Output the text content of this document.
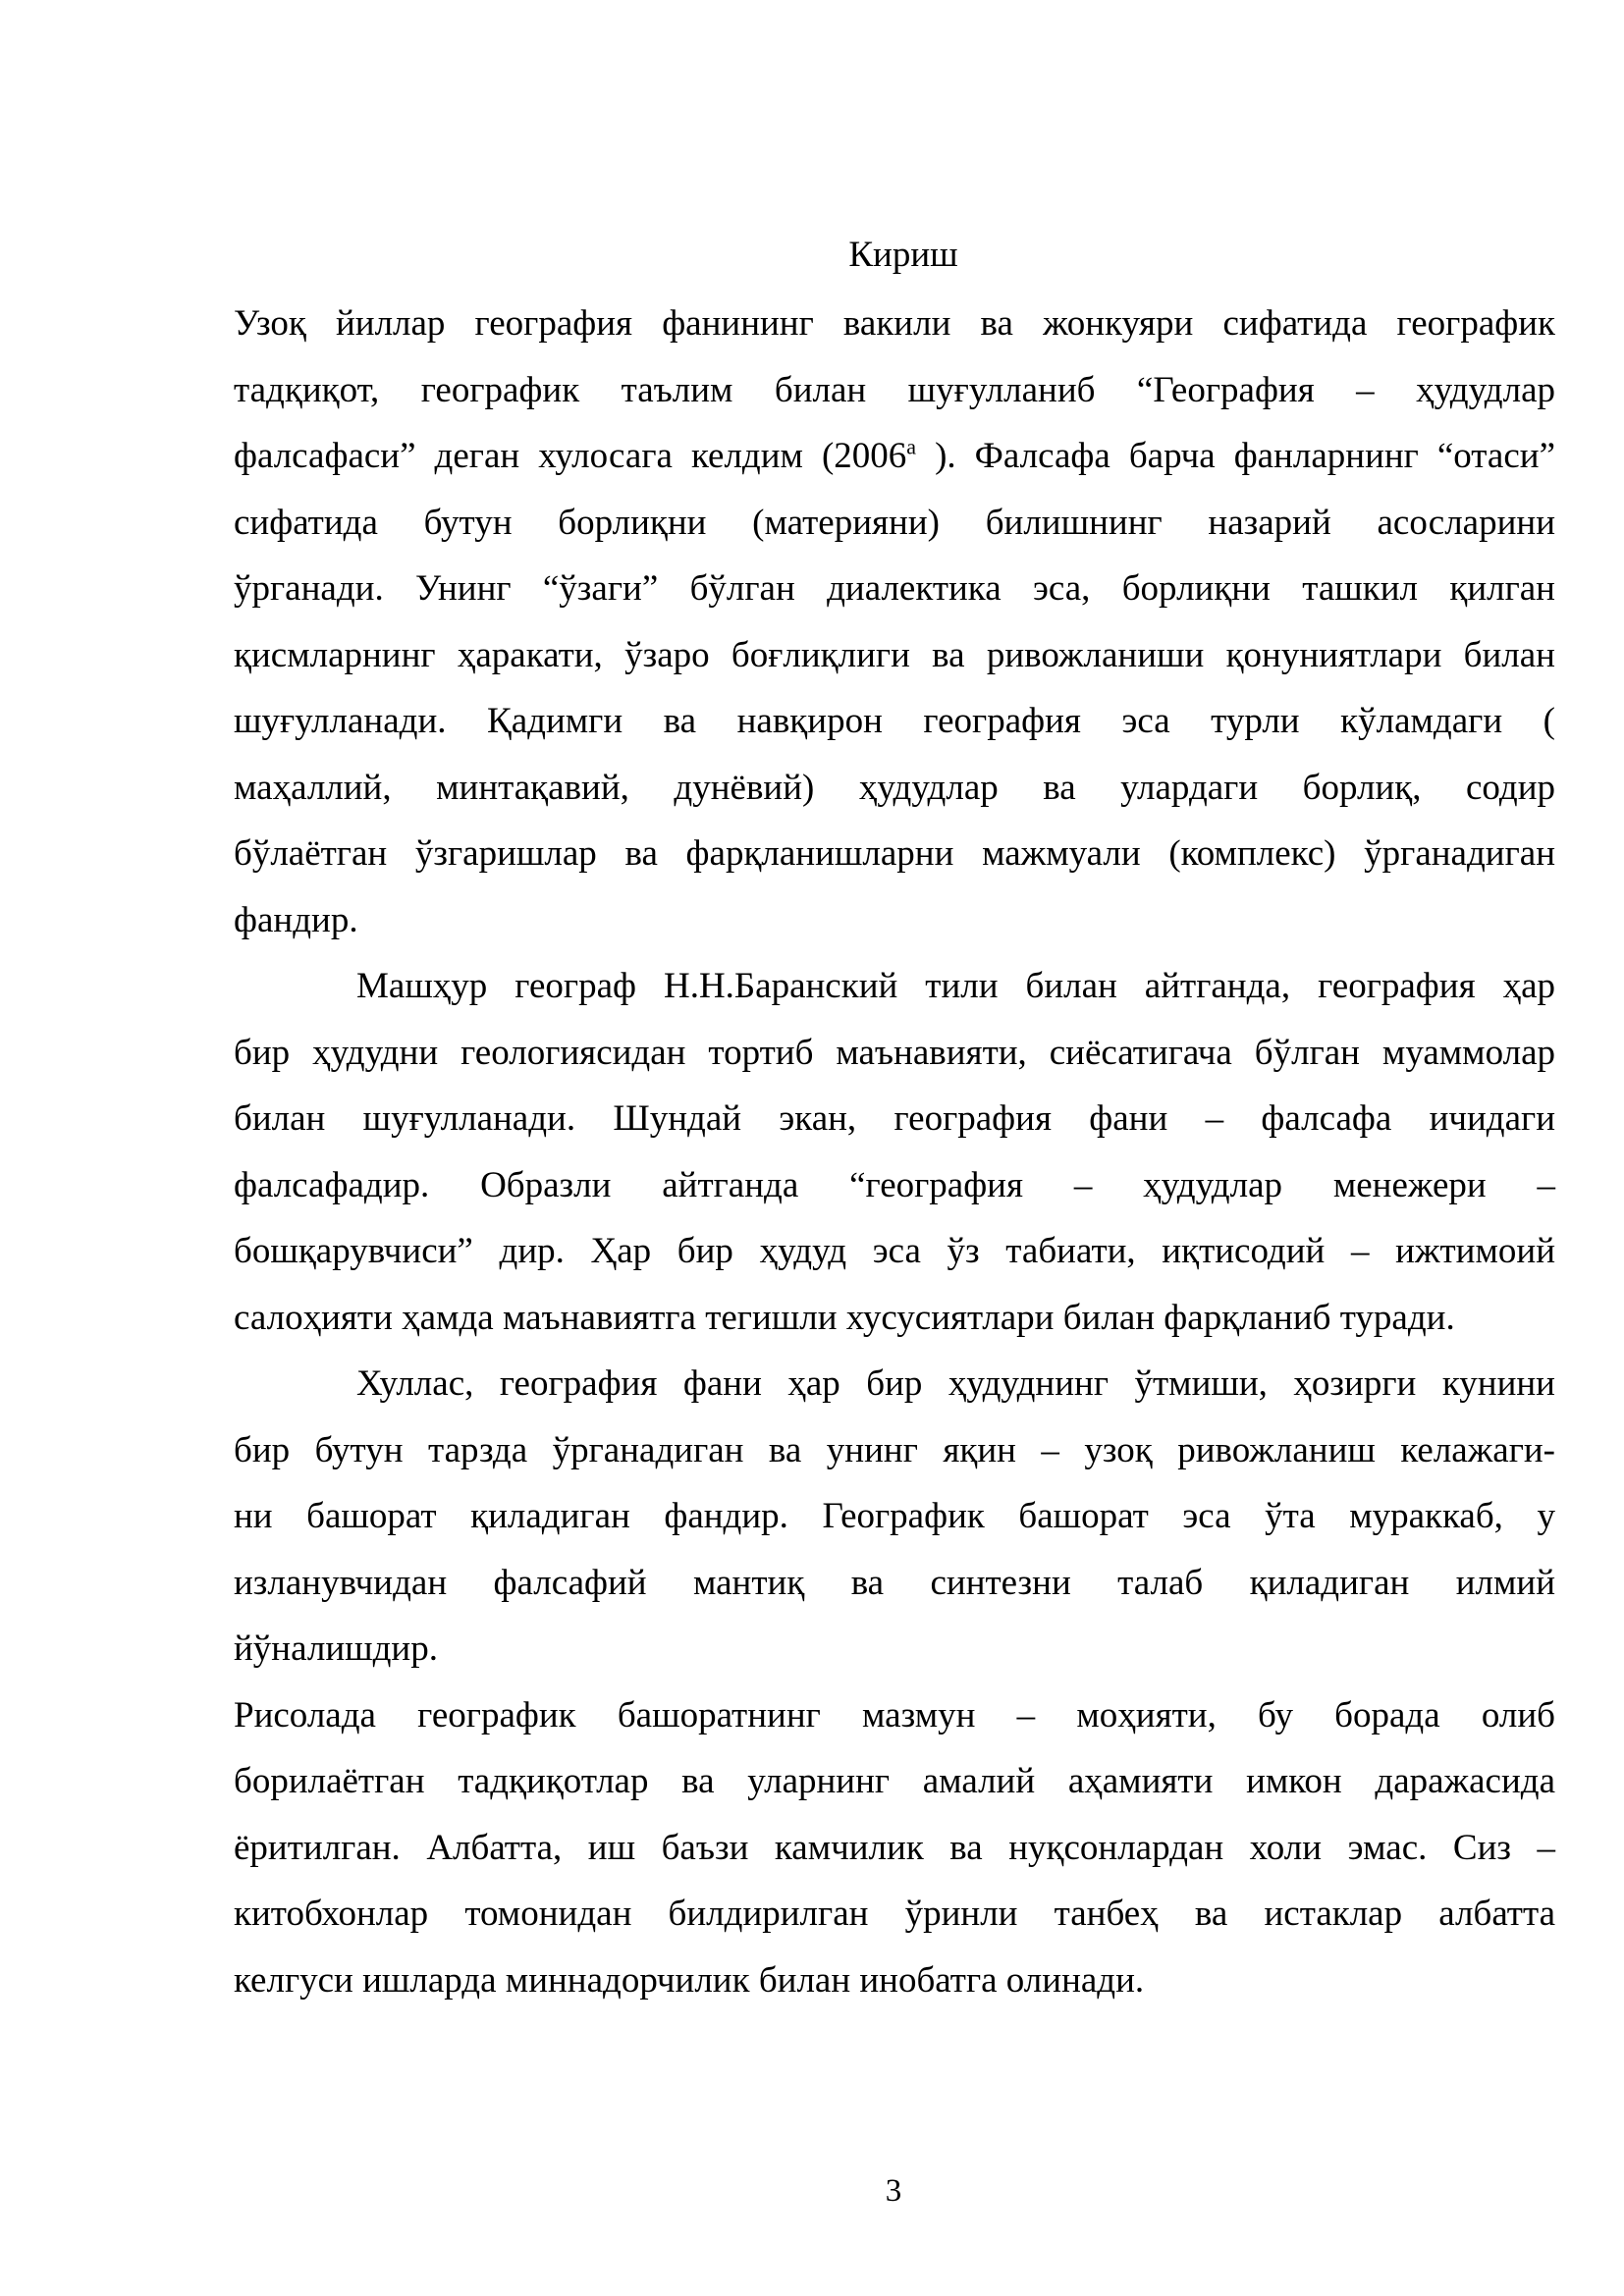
Кириш

Узоқ йиллар география фанининг вакили ва жонкуяри сифатида географик
тадқиқот, географик таълим билан шуғулланиб “География – ҳудудлар
фалсафаси” деган хулосага келдим ($2006^а$ ). Фалсафа барча фанларнинг “отаси”
сифатида бутун борлиқни (материяни) билишнинг назарий асосларини
ўрганади. Унинг “ўзаги” бўлган диалектика эса, борлиқни ташкил қилган
қисмларнинг ҳаракати, ўзаро боғлиқлиги ва ривожланиши қонуниятлари билан
шуғулланади. Қадимги ва навқирон география эса турли кўламдаги (
маҳаллий, минтақавий, дунёвий) ҳудудлар ва улардаги борлиқ, содир
бўлаётган ўзгаришлар ва фарқланишларни мажмуали (комплекс) ўрганадиган
фандир.

Машҳур географ Н.Н.Баранский тили билан айтганда, география ҳар
бир ҳудудни геологиясидан тортиб маънавияти, сиёсатигача бўлган муаммолар
билан шуғулланади. Шундай экан, география фани – фалсафа ичидаги
фалсафадир. Образли айтганда “география – ҳудудлар менежери –
бошқарувчиси” дир. Ҳар бир ҳудуд эса ўз табиати, иқтисодий – ижтимоий
салоҳияти ҳамда маънавиятга тегишли хусусиятлари билан фарқланиб туради.

Хуллас, география фани ҳар бир ҳудуднинг ўтмиши, ҳозирги кунини
бир бутун тарзда ўрганадиган ва унинг яқин – узоқ ривожланиш келажаги-
ни башорат қиладиган фандир. Географик башорат эса ўта мураккаб, у
изланувчидан фалсафий мантиқ ва синтезни талаб қиладиган илмий
йўналишдир.

Рисолада географик башоратнинг мазмун – моҳияти, бу борада олиб
борилаётган тадқиқотлар ва уларнинг амалий аҳамияти имкон даражасида
ёритилган. Албатта, иш баъзи камчилик ва нуқсонлардан холи эмас. Сиз –
китобхонлар томонидан билдирилган ўринли танбеҳ ва истаклар албатта
келгуси ишларда миннадорчилик билан инобатга олинади.

3
